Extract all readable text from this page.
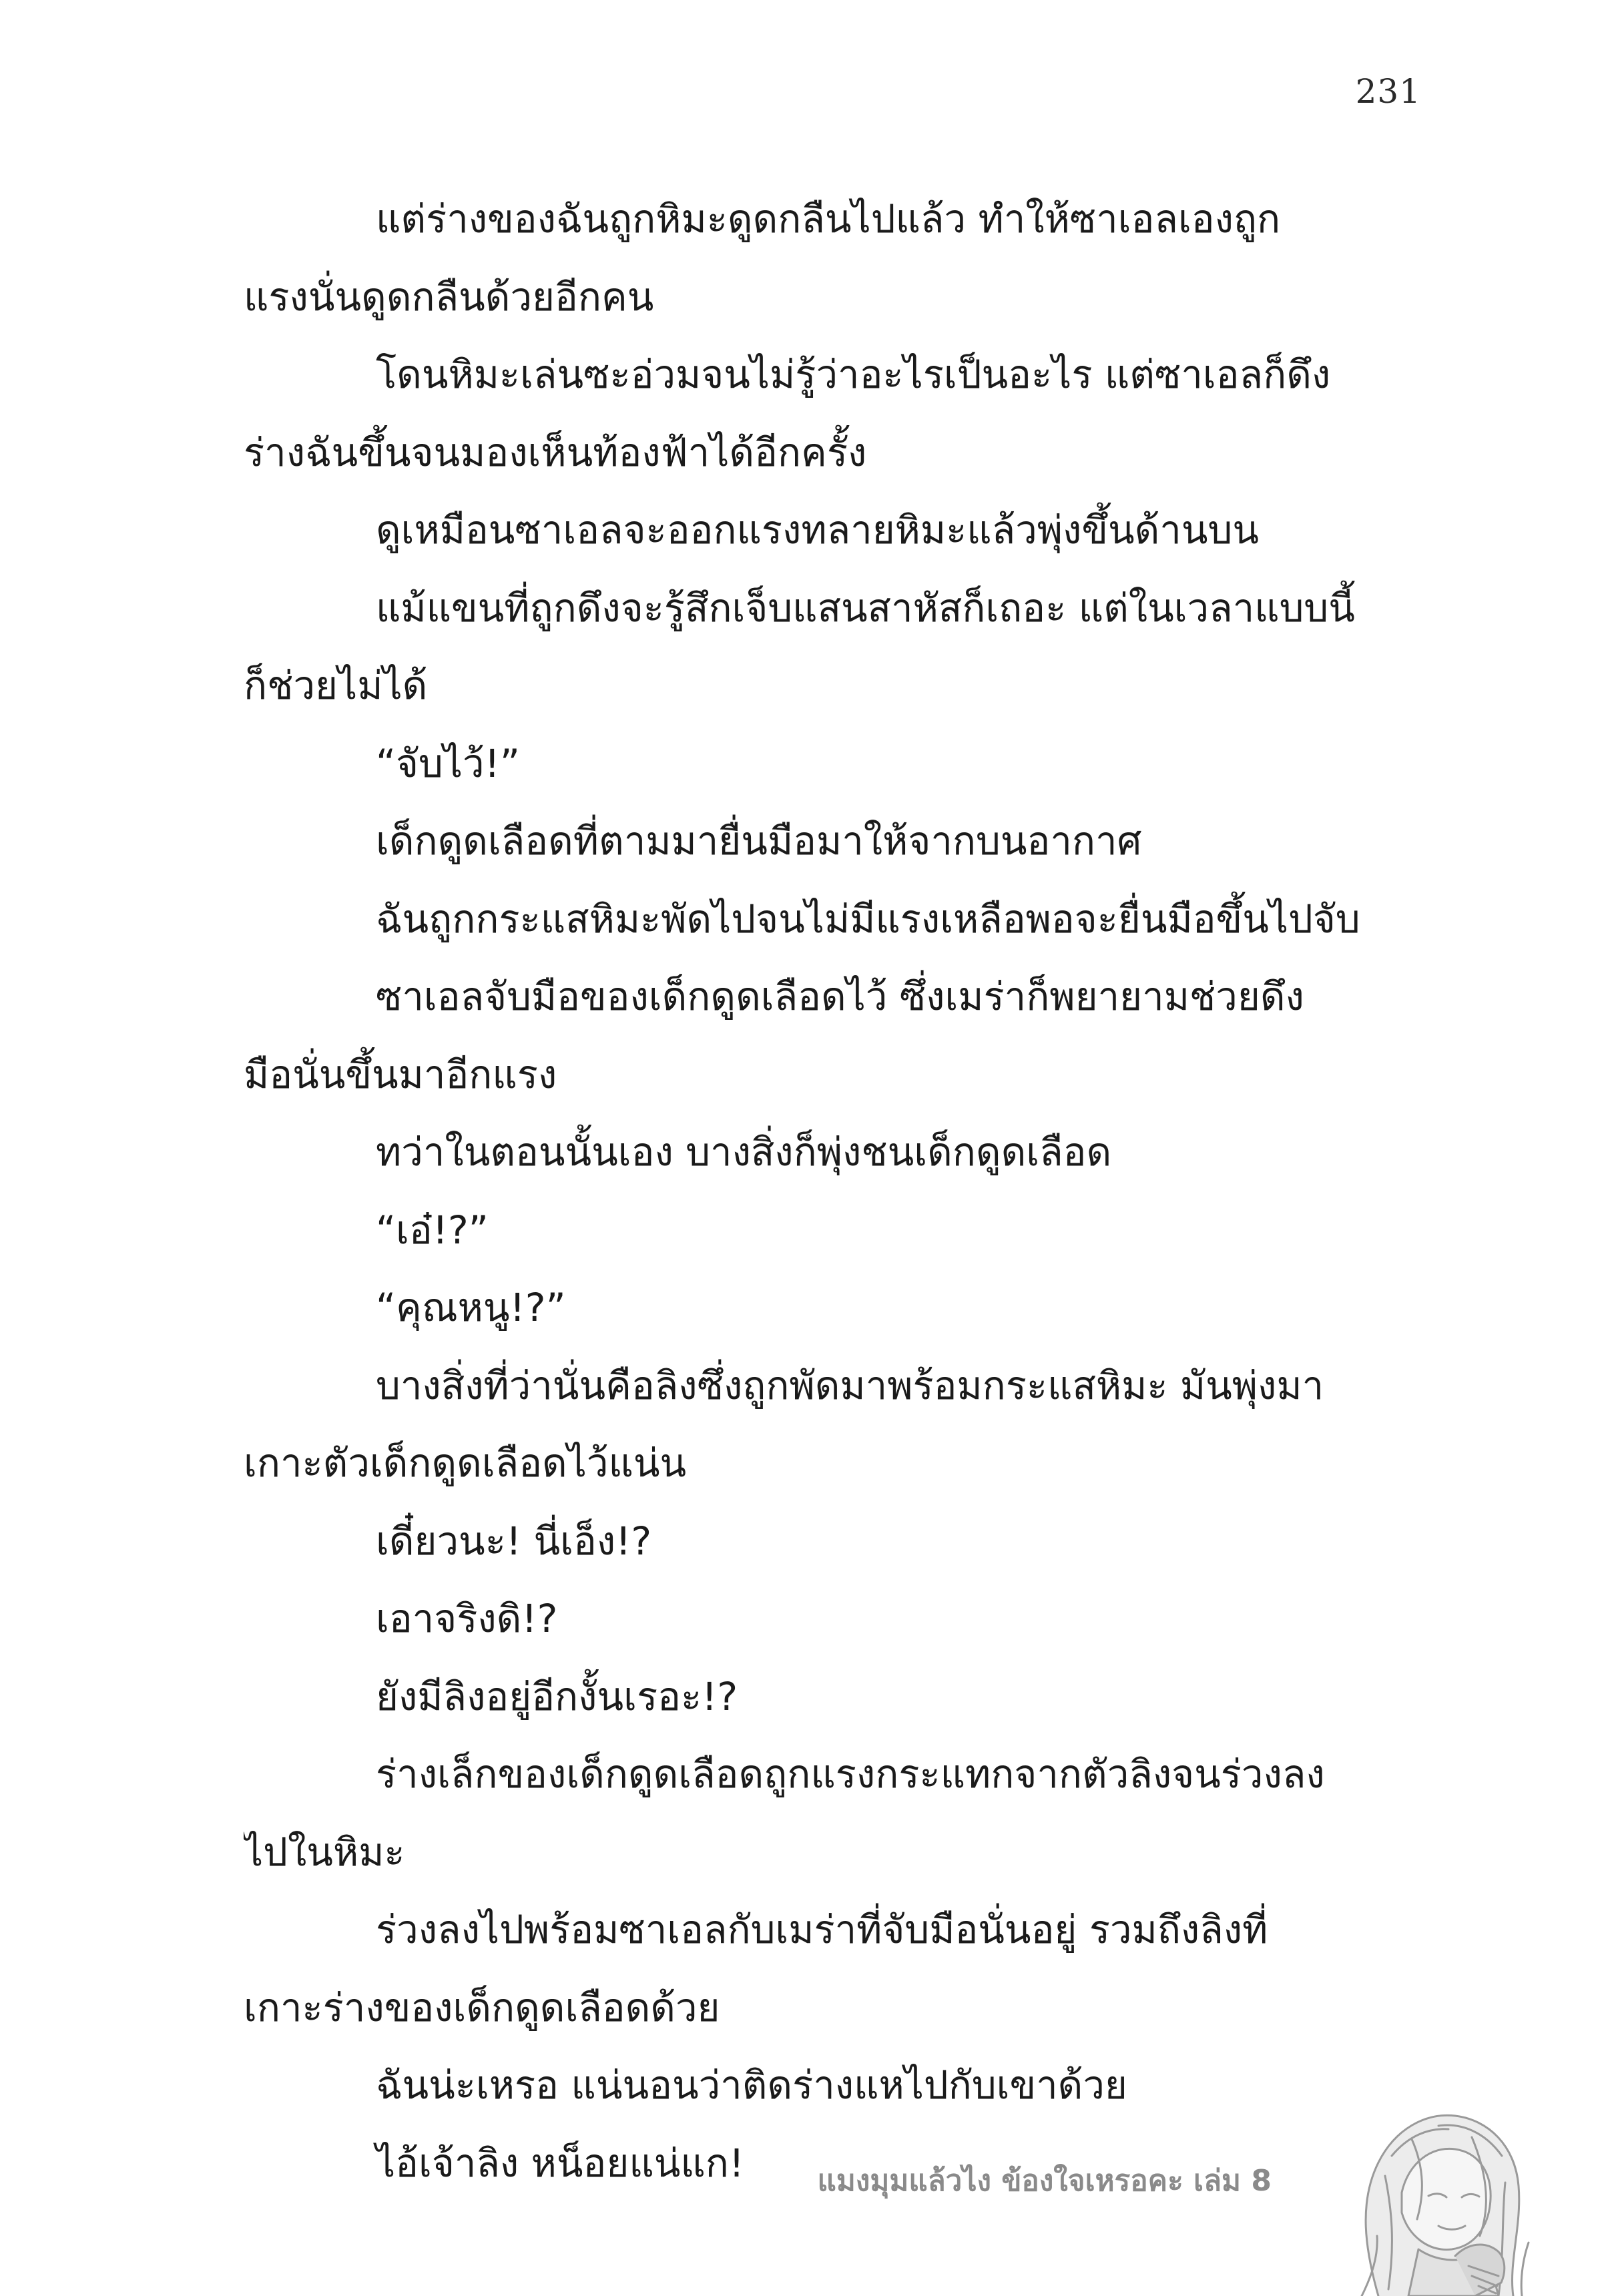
231
แต่ร่างของฉันถูกหิมะดูดกลืนไปแล้ว ทำให้ซาเอลเองถูก
แรงนั่นดูดกลืนด้วยอีกคน
โดนหิมะเล่นซะอ่วมจนไม่รู้ว่าอะไรเป็นอะไร แต่ซาเอลก็ดึง
ร่างฉันขึ้นจนมองเห็นท้องฟ้าได้อีกครั้ง
ดูเหมือนซาเอลจะออกแรงทลายหิมะแล้วพุ่งขึ้นด้านบน
แม้แขนที่ถูกดึงจะรู้สึกเจ็บแสนสาหัสก็เถอะ แต่ในเวลาแบบนี้
ก็ช่วยไม่ได้
“จับไว้!”
เด็กดูดเลือดที่ตามมายื่นมือมาให้จากบนอากาศ
ฉันถูกกระแสหิมะพัดไปจนไม่มีแรงเหลือพอจะยื่นมือขึ้นไปจับ
ซาเอลจับมือของเด็กดูดเลือดไว้ ซึ่งเมร่าก็พยายามช่วยดึง
มือนั่นขึ้นมาอีกแรง
ทว่าในตอนนั้นเอง บางสิ่งก็พุ่งชนเด็กดูดเลือด
“เอ๋!?”
“คุณหนู!?”
บางสิ่งที่ว่านั่นคือลิงซึ่งถูกพัดมาพร้อมกระแสหิมะ มันพุ่งมา
เกาะตัวเด็กดูดเลือดไว้แน่น
เดี๋ยวนะ! นี่เอ็ง!?
เอาจริงดิ!?
ยังมีลิงอยู่อีกงั้นเรอะ!?
ร่างเล็กของเด็กดูดเลือดถูกแรงกระแทกจากตัวลิงจนร่วงลง
ไปในหิมะ
ร่วงลงไปพร้อมซาเอลกับเมร่าที่จับมือนั่นอยู่ รวมถึงลิงที่
เกาะร่างของเด็กดูดเลือดด้วย
ฉันน่ะเหรอ แน่นอนว่าติดร่างแหไปกับเขาด้วย
ไอ้เจ้าลิง หน็อยแน่แก!	แมงมุมแล้วไง ข้องใจเหรอคะ เล่ม 8
